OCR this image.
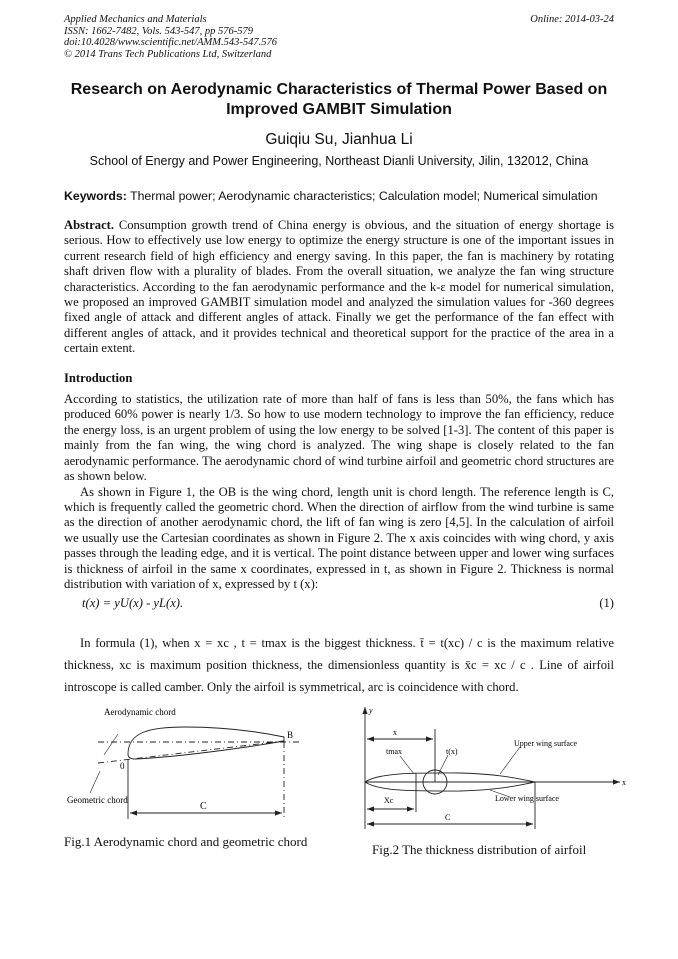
Applied Mechanics and Materials
ISSN: 1662-7482, Vols. 543-547, pp 576-579
doi:10.4028/www.scientific.net/AMM.543-547.576
© 2014 Trans Tech Publications Ltd, Switzerland
Online: 2014-03-24
Research on Aerodynamic Characteristics of Thermal Power Based on Improved GAMBIT Simulation
Guiqiu Su, Jianhua Li
School of Energy and Power Engineering, Northeast Dianli University, Jilin, 132012, China
Keywords: Thermal power; Aerodynamic characteristics; Calculation model; Numerical simulation
Abstract. Consumption growth trend of China energy is obvious, and the situation of energy shortage is serious. How to effectively use low energy to optimize the energy structure is one of the important issues in current research field of high efficiency and energy saving. In this paper, the fan is machinery by rotating shaft driven flow with a plurality of blades. From the overall situation, we analyze the fan wing structure characteristics. According to the fan aerodynamic performance and the k-ε model for numerical simulation, we proposed an improved GAMBIT simulation model and analyzed the simulation values for -360 degrees fixed angle of attack and different angles of attack. Finally we get the performance of the fan effect with different angles of attack, and it provides technical and theoretical support for the practice of the area in a certain extent.
Introduction
According to statistics, the utilization rate of more than half of fans is less than 50%, the fans which has produced 60% power is nearly 1/3. So how to use modern technology to improve the fan efficiency, reduce the energy loss, is an urgent problem of using the low energy to be solved [1-3]. The content of this paper is mainly from the fan wing, the wing chord is analyzed. The wing shape is closely related to the fan aerodynamic performance. The aerodynamic chord of wind turbine airfoil and geometric chord structures are as shown below.
As shown in Figure 1, the OB is the wing chord, length unit is chord length. The reference length is C, which is frequently called the geometric chord. When the direction of airflow from the wind turbine is same as the direction of another aerodynamic chord, the lift of fan wing is zero [4,5]. In the calculation of airfoil we usually use the Cartesian coordinates as shown in Figure 2. The x axis coincides with wing chord, y axis passes through the leading edge, and it is vertical. The point distance between upper and lower wing surfaces is thickness of airfoil in the same x coordinates, expressed in t, as shown in Figure 2. Thickness is normal distribution with variation of x, expressed by t (x):
t(x) = yU(x) - yL(x).	(1)
In formula (1), when x = xc , t = tmax is the biggest thickness. t̄ = t(xc) / c is the maximum relative thickness, xc is maximum position thickness, the dimensionless quantity is x̄c = xc / c . Line of airfoil introscope is called camber. Only the airfoil is symmetrical, arc is coincidence with chord.
Aerodynamic chord
Geometric chord
0
B
C
y
x
x
tmax	t(x)
Upper wing surface
Lower wing surface
Xc
C
Fig.1 Aerodynamic chord and geometric chord
Fig.2 The thickness distribution of airfoil
